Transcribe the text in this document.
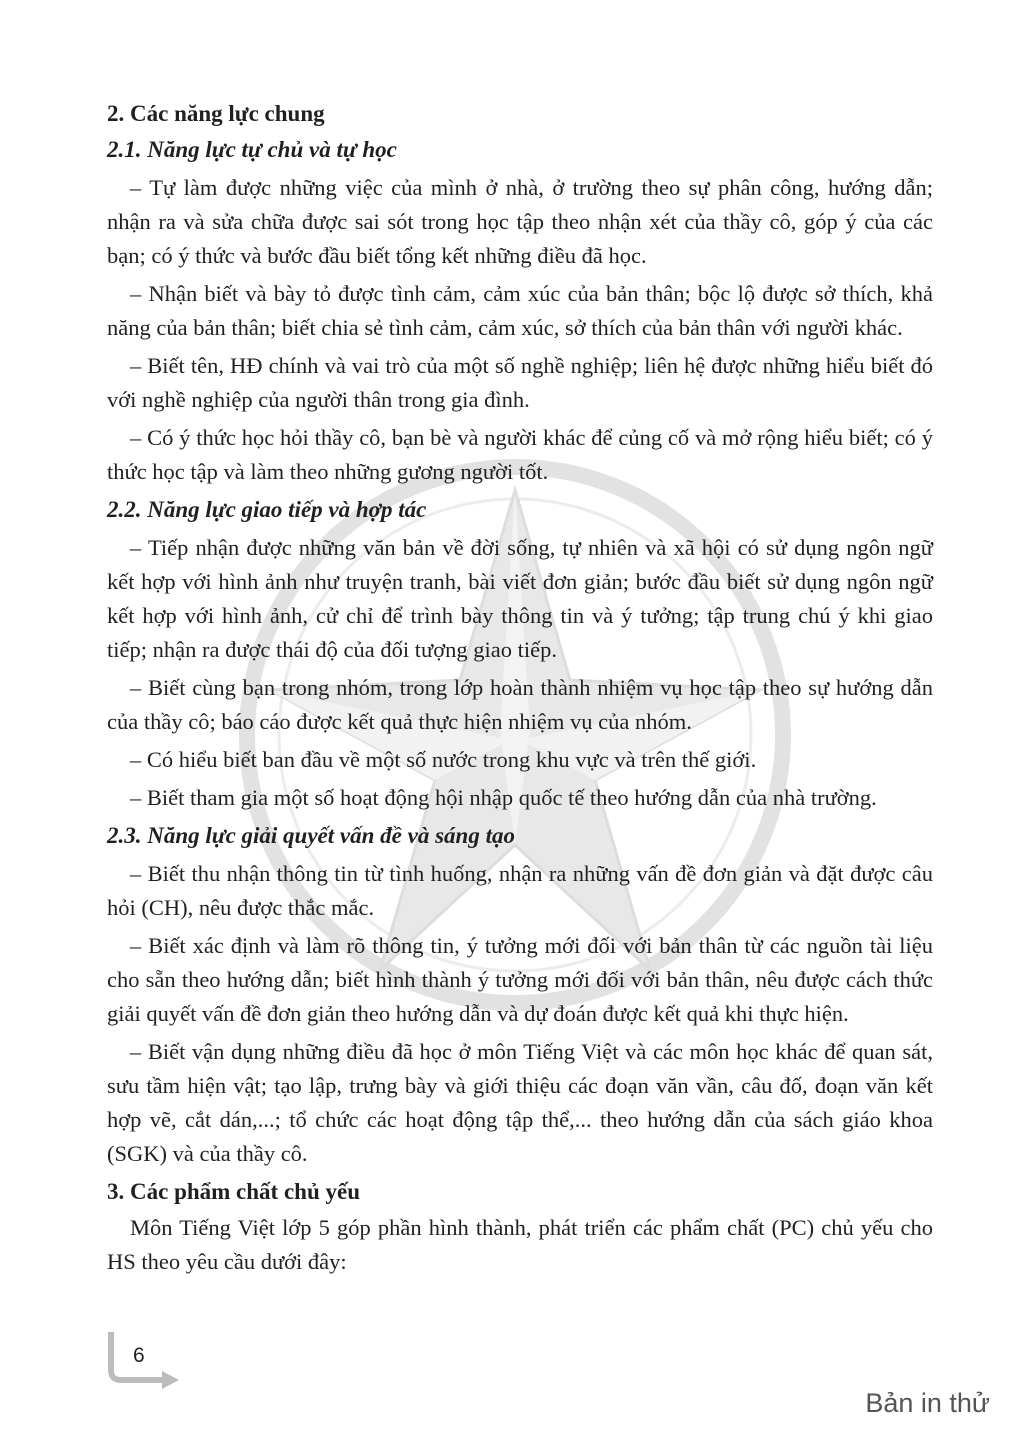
2. Các năng lực chung
2.1. Năng lực tự chủ và tự học

– Tự làm được những việc của mình ở nhà, ở trường theo sự phân công, hướng dẫn; nhận ra và sửa chữa được sai sót trong học tập theo nhận xét của thầy cô, góp ý của các bạn; có ý thức và bước đầu biết tổng kết những điều đã học.

– Nhận biết và bày tỏ được tình cảm, cảm xúc của bản thân; bộc lộ được sở thích, khả năng của bản thân; biết chia sẻ tình cảm, cảm xúc, sở thích của bản thân với người khác.

– Biết tên, HĐ chính và vai trò của một số nghề nghiệp; liên hệ được những hiểu biết đó với nghề nghiệp của người thân trong gia đình.

– Có ý thức học hỏi thầy cô, bạn bè và người khác để củng cố và mở rộng hiểu biết; có ý thức học tập và làm theo những gương người tốt.

2.2. Năng lực giao tiếp và hợp tác

– Tiếp nhận được những văn bản về đời sống, tự nhiên và xã hội có sử dụng ngôn ngữ kết hợp với hình ảnh như truyện tranh, bài viết đơn giản; bước đầu biết sử dụng ngôn ngữ kết hợp với hình ảnh, cử chỉ để trình bày thông tin và ý tưởng; tập trung chú ý khi giao tiếp; nhận ra được thái độ của đối tượng giao tiếp.

– Biết cùng bạn trong nhóm, trong lớp hoàn thành nhiệm vụ học tập theo sự hướng dẫn của thầy cô; báo cáo được kết quả thực hiện nhiệm vụ của nhóm.

– Có hiểu biết ban đầu về một số nước trong khu vực và trên thế giới.

– Biết tham gia một số hoạt động hội nhập quốc tế theo hướng dẫn của nhà trường.

2.3. Năng lực giải quyết vấn đề và sáng tạo

– Biết thu nhận thông tin từ tình huống, nhận ra những vấn đề đơn giản và đặt được câu hỏi (CH), nêu được thắc mắc.

– Biết xác định và làm rõ thông tin, ý tưởng mới đối với bản thân từ các nguồn tài liệu cho sẵn theo hướng dẫn; biết hình thành ý tưởng mới đối với bản thân, nêu được cách thức giải quyết vấn đề đơn giản theo hướng dẫn và dự đoán được kết quả khi thực hiện.

– Biết vận dụng những điều đã học ở môn Tiếng Việt và các môn học khác để quan sát, sưu tầm hiện vật; tạo lập, trưng bày và giới thiệu các đoạn văn vần, câu đố, đoạn văn kết hợp vẽ, cắt dán,...; tổ chức các hoạt động tập thể,... theo hướng dẫn của sách giáo khoa (SGK) và của thầy cô.

3. Các phẩm chất chủ yếu

Môn Tiếng Việt lớp 5 góp phần hình thành, phát triển các phẩm chất (PC) chủ yếu cho HS theo yêu cầu dưới đây:

6
Bản in thử
